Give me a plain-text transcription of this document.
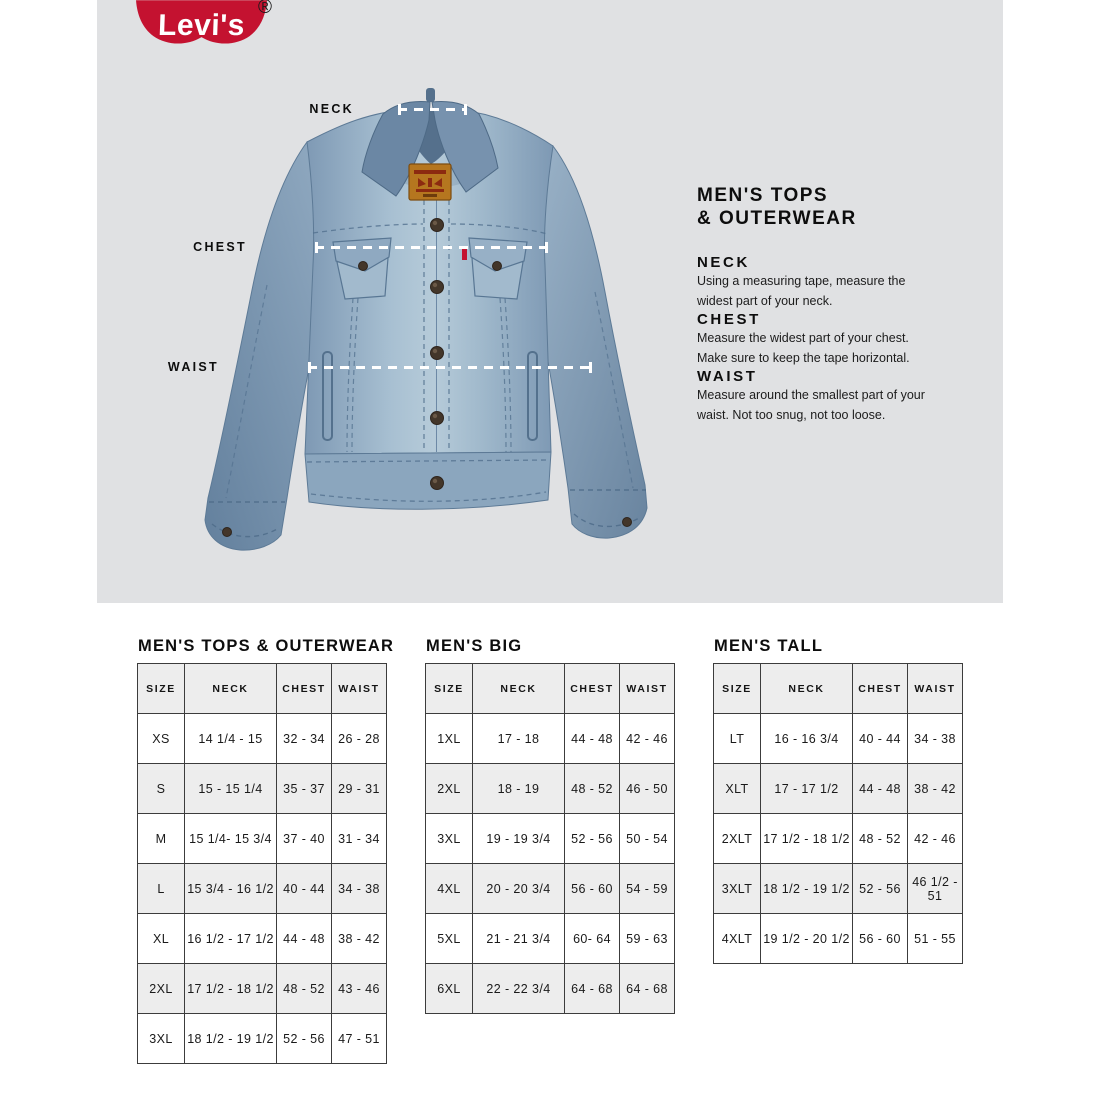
Levi's
®
NECK
CHEST
WAIST
MEN'S TOPS
& OUTERWEAR
NECK

Using a measuring tape, measure the widest part of your neck.

CHEST

Measure the widest part of your chest. Make sure to keep the tape horizontal.

WAIST

Measure around the smallest part of your waist. Not too snug, not too loose.

MEN'S TOPS & OUTERWEAR
SIZE	NECK	CHEST	WAIST
XS	14 1/4 - 15	32 - 34	26 - 28
S	15 - 15 1/4	35 - 37	29 - 31
M	15 1/4- 15 3/4	37 - 40	31 - 34
L	15 3/4 - 16 1/2	40 - 44	34 - 38
XL	16 1/2 - 17 1/2	44 - 48	38 - 42
2XL	17 1/2 - 18 1/2	48 - 52	43 - 46
3XL	18 1/2 - 19 1/2	52 - 56	47 - 51
MEN'S BIG
SIZE	NECK	CHEST	WAIST
1XL	17 - 18	44 - 48	42 - 46
2XL	18 - 19	48 - 52	46 - 50
3XL	19 - 19 3/4	52 - 56	50 - 54
4XL	20 - 20 3/4	56 - 60	54 - 59
5XL	21 - 21 3/4	60- 64	59 - 63
6XL	22 - 22 3/4	64 - 68	64 - 68
MEN'S TALL
SIZE	NECK	CHEST	WAIST
LT	16 - 16 3/4	40 - 44	34 - 38
XLT	17 - 17 1/2	44 - 48	38 - 42
2XLT	17 1/2 - 18 1/2	48 - 52	42 - 46
3XLT	18 1/2 - 19 1/2	52 - 56	46 1/2 - 51
4XLT	19 1/2 - 20 1/2	56 - 60	51 - 55
